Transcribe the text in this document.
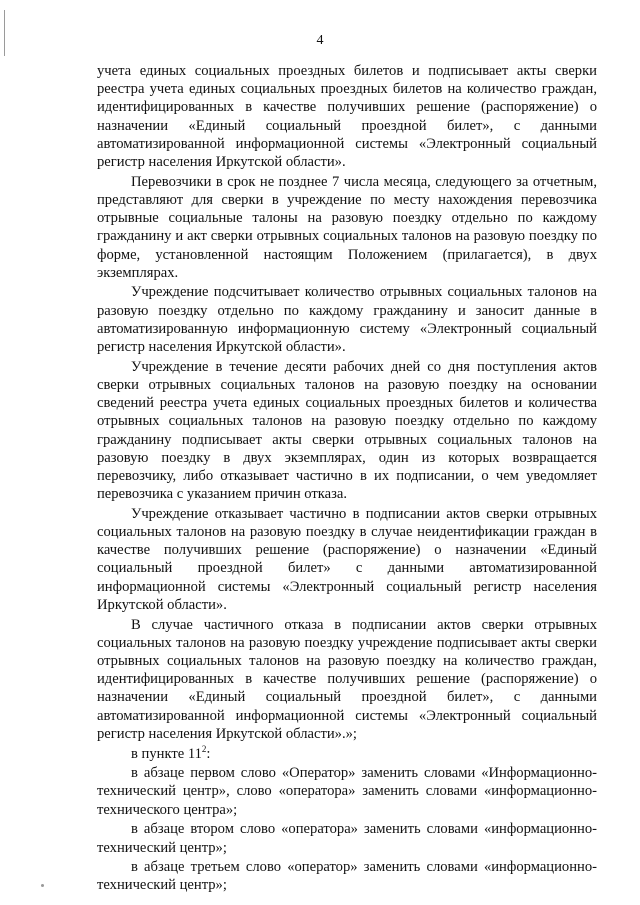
4

учета единых социальных проездных билетов и подписывает акты сверки реестра учета единых социальных проездных билетов на количество граждан, идентифицированных в качестве получивших решение (распоряжение) о назначении «Единый социальный проездной билет», с данными автоматизированной информационной системы «Электронный социальный регистр населения Иркутской области».

Перевозчики в срок не позднее 7 числа месяца, следующего за отчетным, представляют для сверки в учреждение по месту нахождения перевозчика отрывные социальные талоны на разовую поездку отдельно по каждому гражданину и акт сверки отрывных социальных талонов на разовую поездку по форме, установленной настоящим Положением (прилагается), в двух экземплярах.

Учреждение подсчитывает количество отрывных социальных талонов на разовую поездку отдельно по каждому гражданину и заносит данные в автоматизированную информационную систему «Электронный социальный регистр населения Иркутской области».

Учреждение в течение десяти рабочих дней со дня поступления актов сверки отрывных социальных талонов на разовую поездку на основании сведений реестра учета единых социальных проездных билетов и количества отрывных социальных талонов на разовую поездку отдельно по каждому гражданину подписывает акты сверки отрывных социальных талонов на разовую поездку в двух экземплярах, один из которых возвращается перевозчику, либо отказывает частично в их подписании, о чем уведомляет перевозчика с указанием причин отказа.

Учреждение отказывает частично в подписании актов сверки отрывных социальных талонов на разовую поездку в случае неидентификации граждан в качестве получивших решение (распоряжение) о назначении «Единый социальный проездной билет» с данными автоматизированной информационной системы «Электронный социальный регистр населения Иркутской области».

В случае частичного отказа в подписании актов сверки отрывных социальных талонов на разовую поездку учреждение подписывает акты сверки отрывных социальных талонов на разовую поездку на количество граждан, идентифицированных в качестве получивших решение (распоряжение) о назначении «Единый социальный проездной билет», с данными автоматизированной информационной системы «Электронный социальный регистр населения Иркутской области».»;

в пункте $11^2$:

в абзаце первом слово «Оператор» заменить словами «Информационно-технический центр», слово «оператора» заменить словами «информационно-технического центра»;

в абзаце втором слово «оператора» заменить словами «информационно-технический центр»;

в абзаце третьем слово «оператор» заменить словами «информационно-технический центр»;
